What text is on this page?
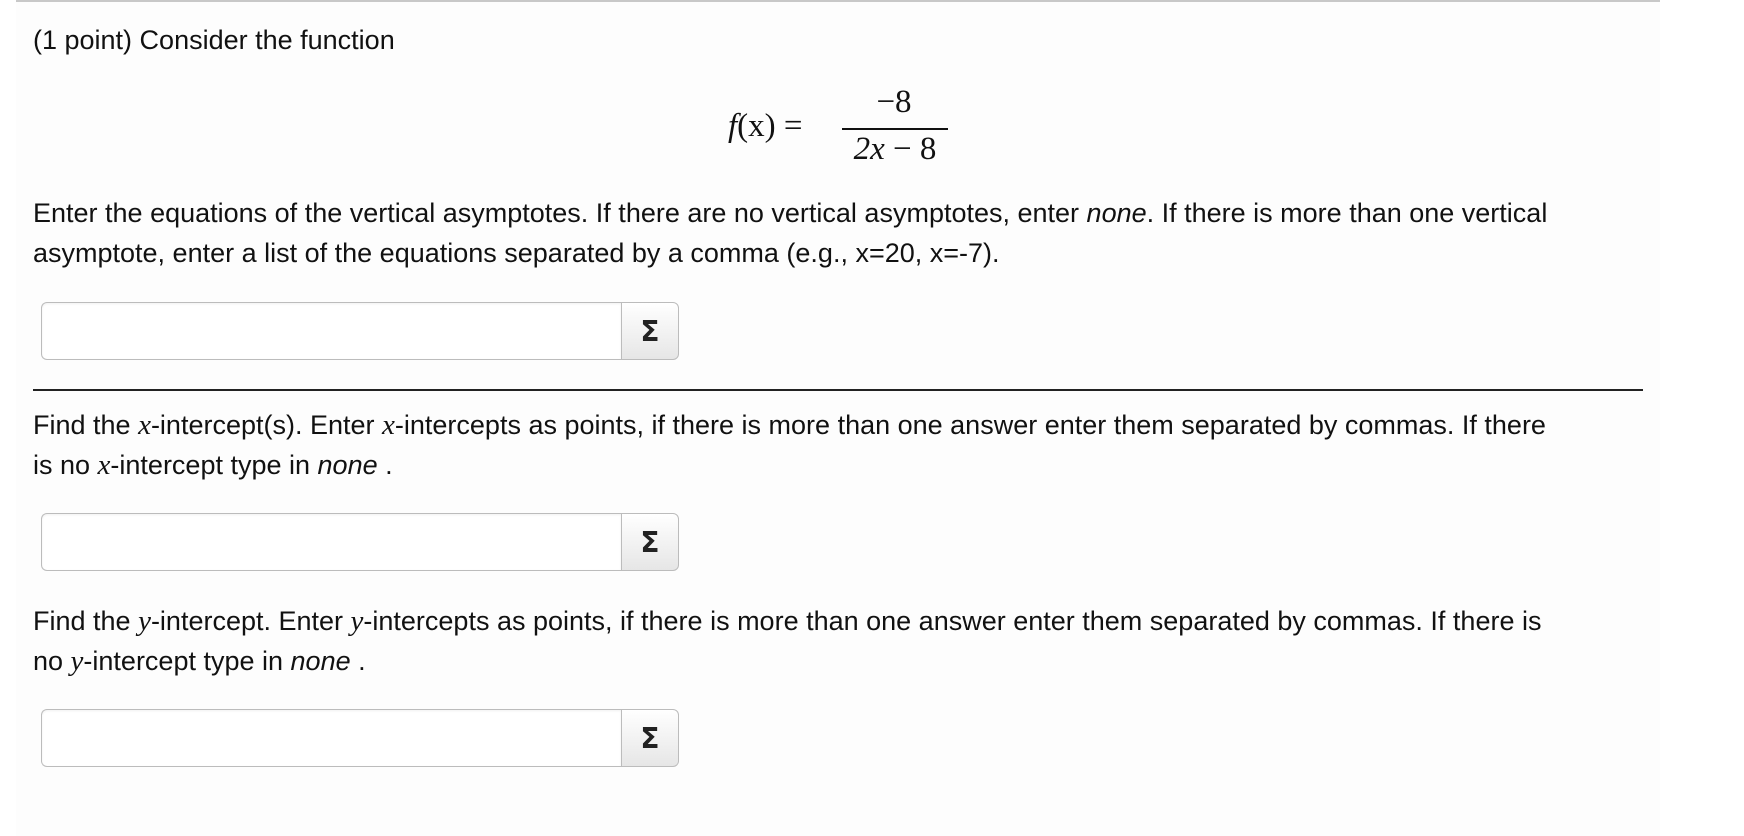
(1 point) Consider the function
f(x) =
−8
2x − 8
Enter the equations of the vertical asymptotes. If there are no vertical asymptotes, enter none. If there is more than one vertical
asymptote, enter a list of the equations separated by a comma (e.g., x=20, x=-7).
Σ
Find the x-intercept(s). Enter x-intercepts as points, if there is more than one answer enter them separated by commas. If there
is no x-intercept type in none .
Σ
Find the y-intercept. Enter y-intercepts as points, if there is more than one answer enter them separated by commas. If there is
no y-intercept type in none .
Σ
